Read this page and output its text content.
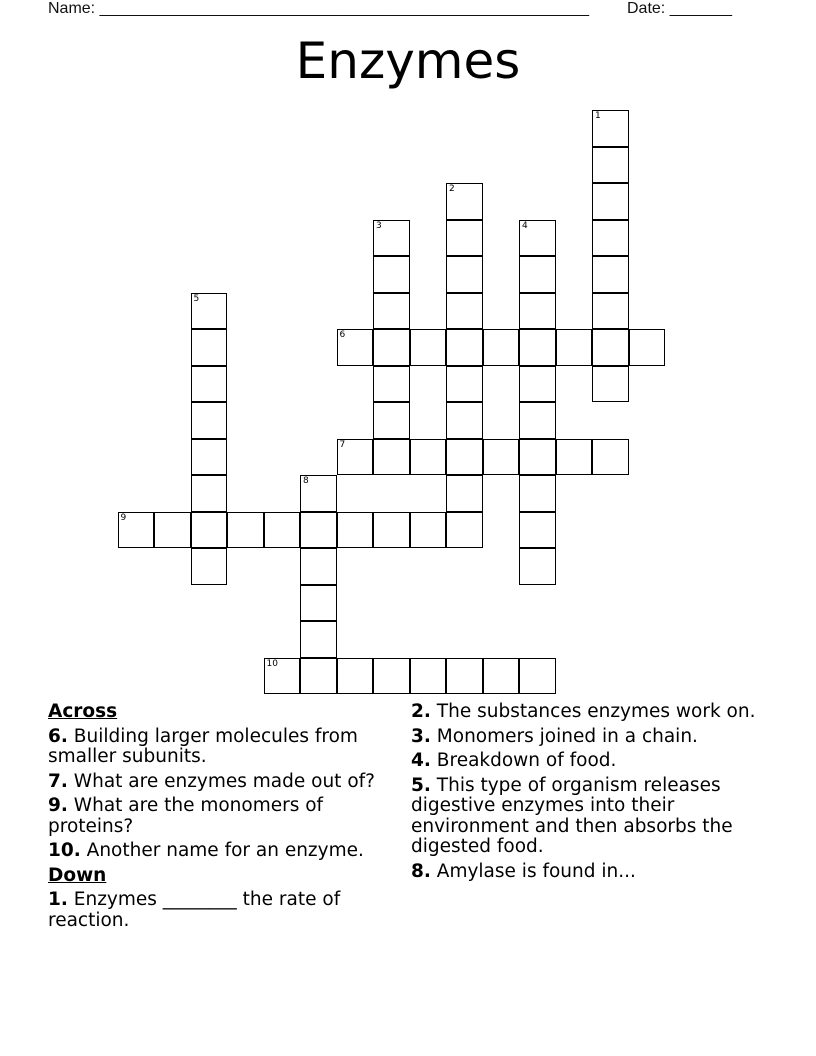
Name: _______________________________________________________ Date: _______
Enzymes
1
2
3	4
5
6
7
8
9
10
Across
6. Building larger molecules from smaller subunits.
7. What are enzymes made out of?
9. What are the monomers of proteins?
10. Another name for an enzyme.
Down
1. Enzymes ________ the rate of reaction.
2. The substances enzymes work on.
3. Monomers joined in a chain.
4. Breakdown of food.
5. This type of organism releases digestive enzymes into their environment and then absorbs the digested food.
8. Amylase is found in...
